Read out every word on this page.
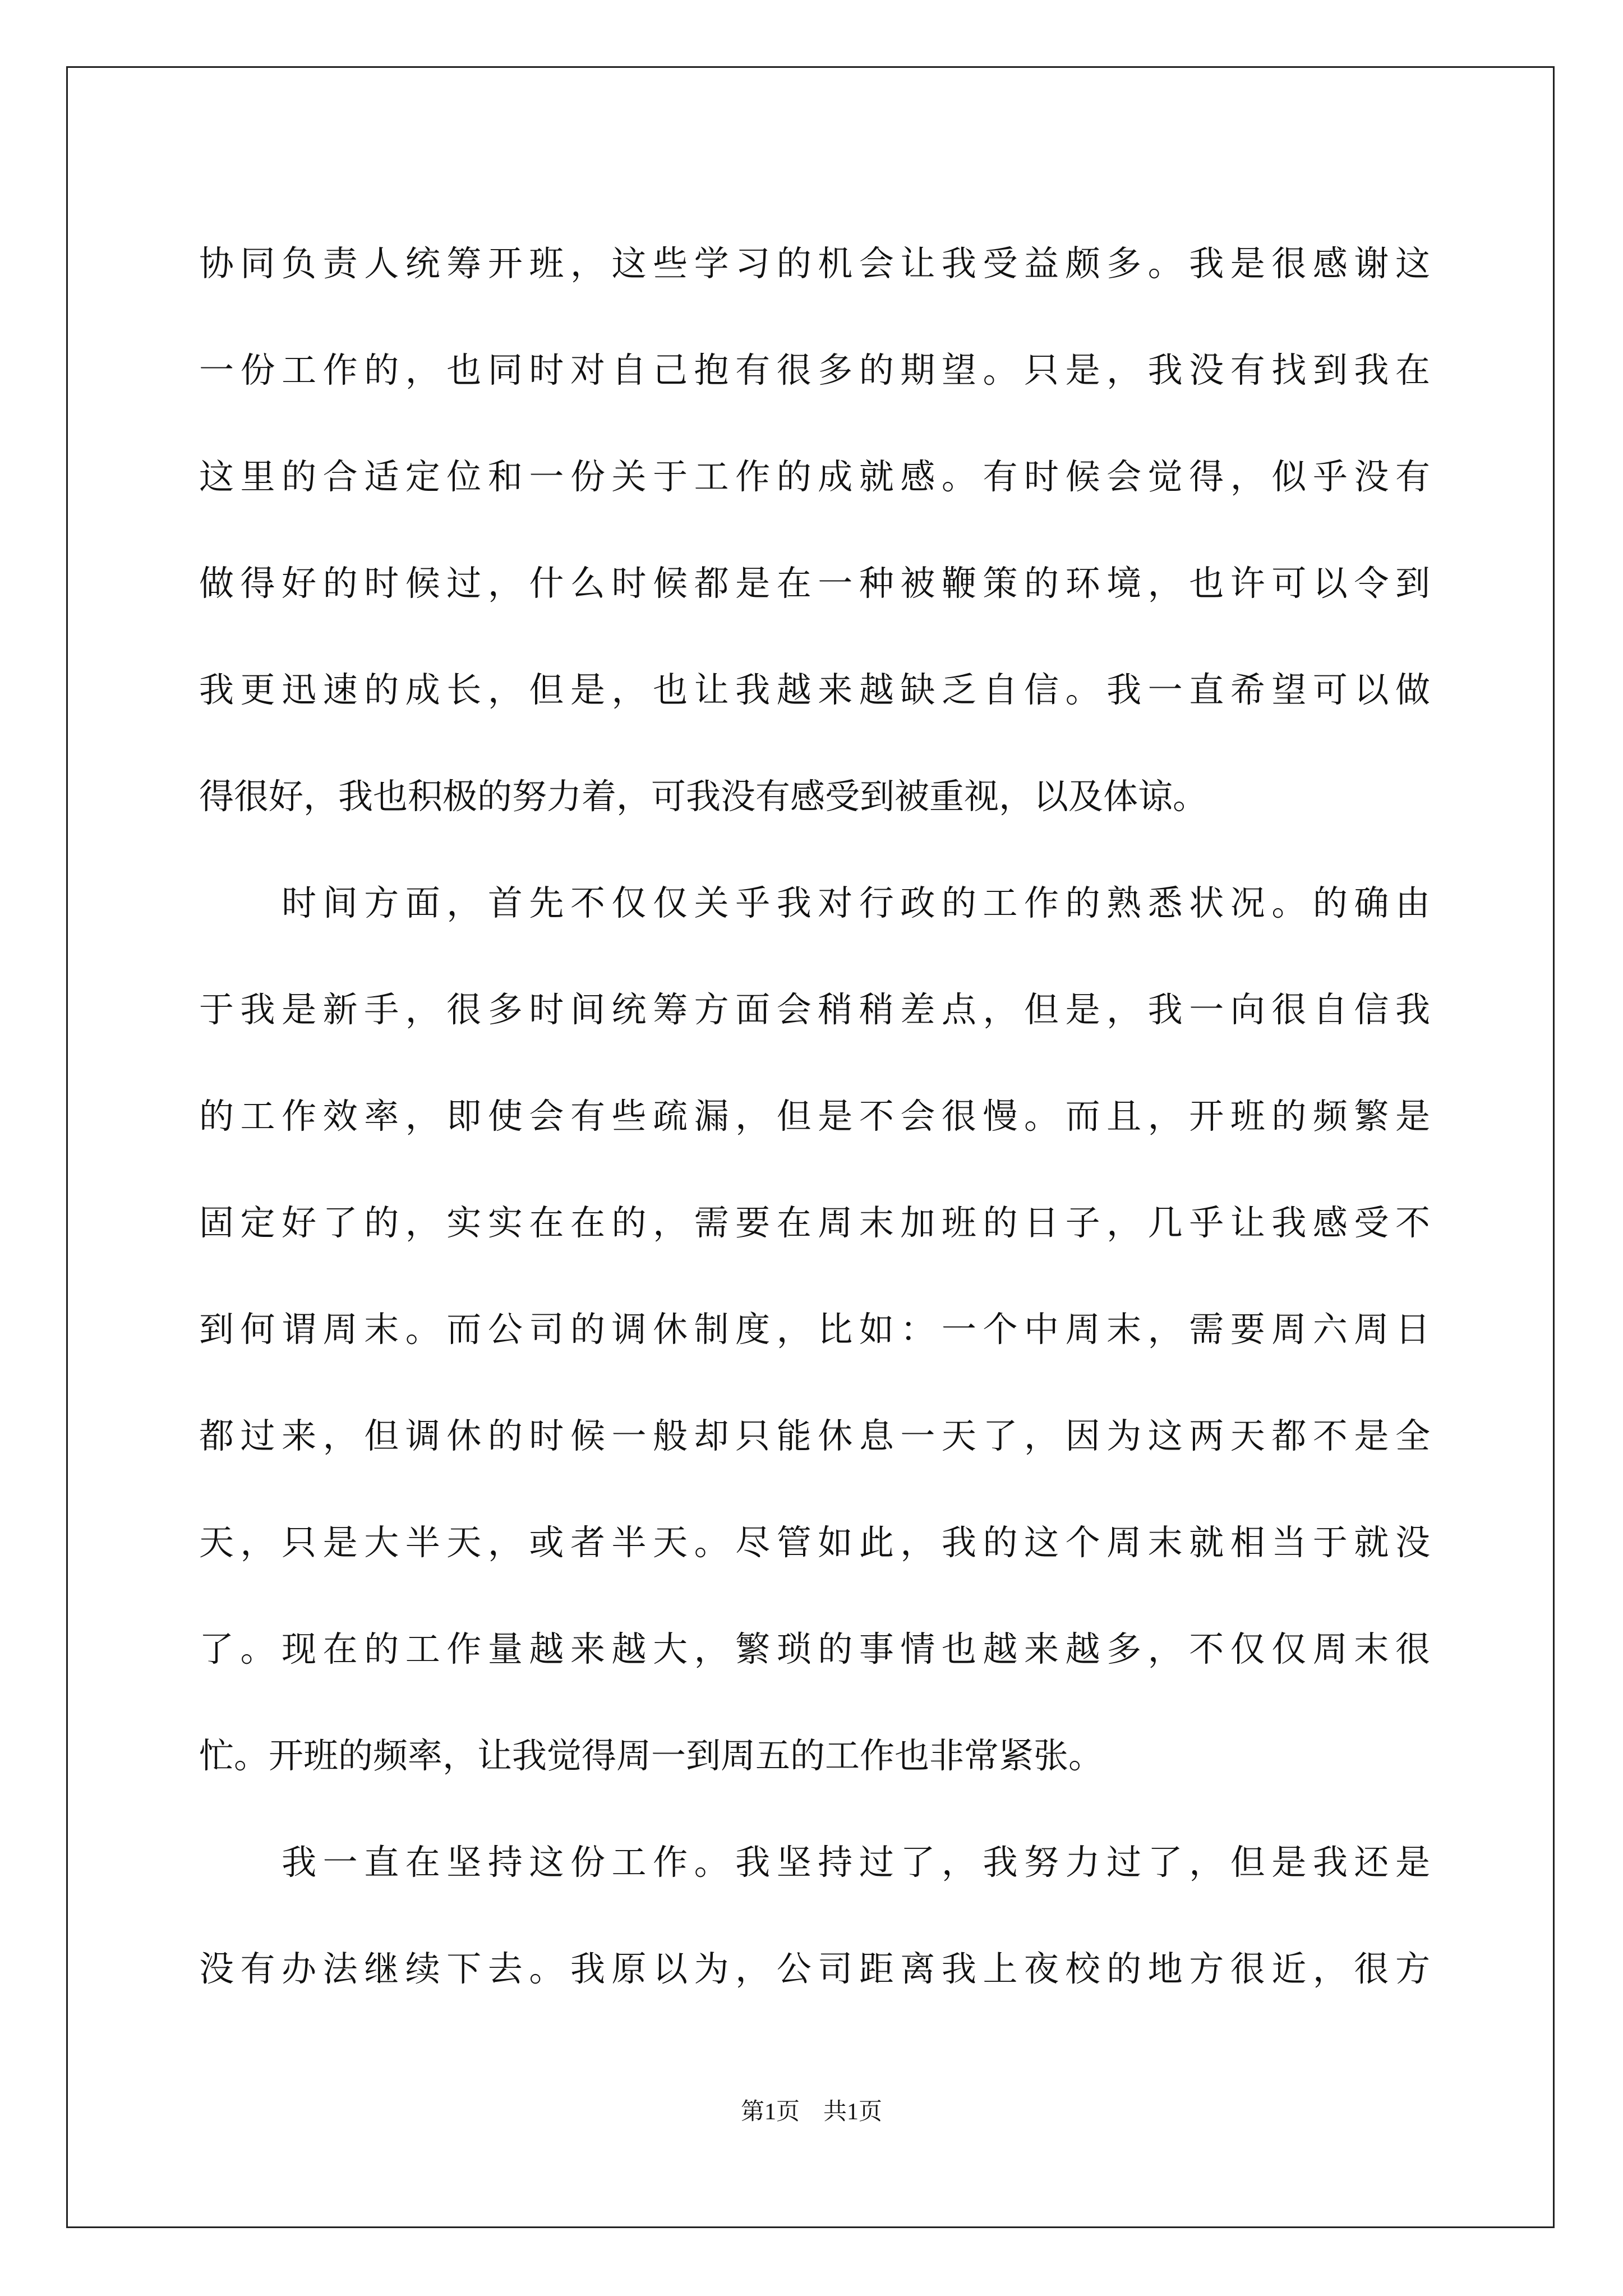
协同负责人统筹开班，这些学习的机会让我受益颇多。我是很感谢这
一份工作的，也同时对自己抱有很多的期望。只是，我没有找到我在
这里的合适定位和一份关于工作的成就感。有时候会觉得，似乎没有
做得好的时候过，什么时候都是在一种被鞭策的环境，也许可以令到
我更迅速的成长，但是，也让我越来越缺乏自信。我一直希望可以做
得很好，我也积极的努力着，可我没有感受到被重视，以及体谅。
　　时间方面，首先不仅仅关乎我对行政的工作的熟悉状况。的确由
于我是新手，很多时间统筹方面会稍稍差点，但是，我一向很自信我
的工作效率，即使会有些疏漏，但是不会很慢。而且，开班的频繁是
固定好了的，实实在在的，需要在周末加班的日子，几乎让我感受不
到何谓周末。而公司的调休制度，比如：一个中周末，需要周六周日
都过来，但调休的时候一般却只能休息一天了，因为这两天都不是全
天，只是大半天，或者半天。尽管如此，我的这个周末就相当于就没
了。现在的工作量越来越大，繁琐的事情也越来越多，不仅仅周末很
忙。开班的频率，让我觉得周一到周五的工作也非常紧张。
　　我一直在坚持这份工作。我坚持过了，我努力过了，但是我还是
没有办法继续下去。我原以为，公司距离我上夜校的地方很近，很方
第1页　共1页
